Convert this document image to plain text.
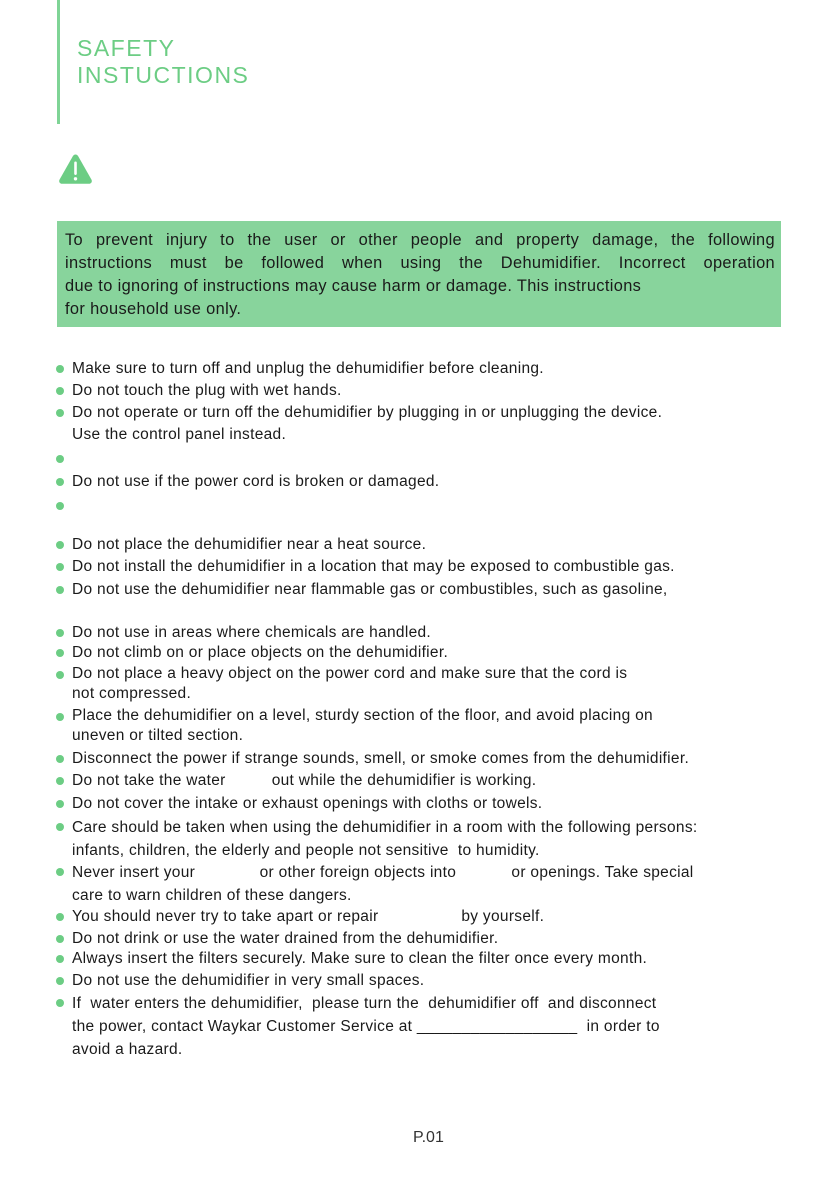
SAFETY
INSTUCTIONS
To prevent injury to the user or other people and property damage, the following
instructions must be followed when using the Dehumidifier. Incorrect operation
due to ignoring of instructions may cause harm or damage. This instructions
for household use only.

Make sure to turn off and unplug the dehumidifier before cleaning.

Do not touch the plug with wet hands.

Do not operate or turn off the dehumidifier by plugging in or unplugging the device.
Use the control panel instead.

Do not use if the power cord is broken or damaged.

Do not place the dehumidifier near a heat source.

Do not install the dehumidifier in a location that may be exposed to combustible gas.

Do not use the dehumidifier near flammable gas or combustibles, such as gasoline,

Do not use in areas where chemicals are handled.

Do not climb on or place objects on the dehumidifier.

Do not place a heavy object on the power cord and make sure that the cord is
not compressed.

Place the dehumidifier on a level, sturdy section of the floor, and avoid placing on
uneven or tilted section.

Disconnect the power if strange sounds, smell, or smoke comes from the dehumidifier.

Do not take the water          out while the dehumidifier is working.

Do not cover the intake or exhaust openings with cloths or towels.

Care should be taken when using the dehumidifier in a room with the following persons:
infants, children, the elderly and people not sensitive  to humidity.

Never insert your              or other foreign objects into            or openings. Take special
care to warn children of these dangers.

You should never try to take apart or repair                  by yourself.

Do not drink or use the water drained from the dehumidifier.

Always insert the filters securely. Make sure to clean the filter once every month.

Do not use the dehumidifier in very small spaces.

If  water enters the dehumidifier,  please turn the  dehumidifier off  and disconnect
the power, contact Waykar Customer Service at __________________  in order to
avoid a hazard.

P.01
